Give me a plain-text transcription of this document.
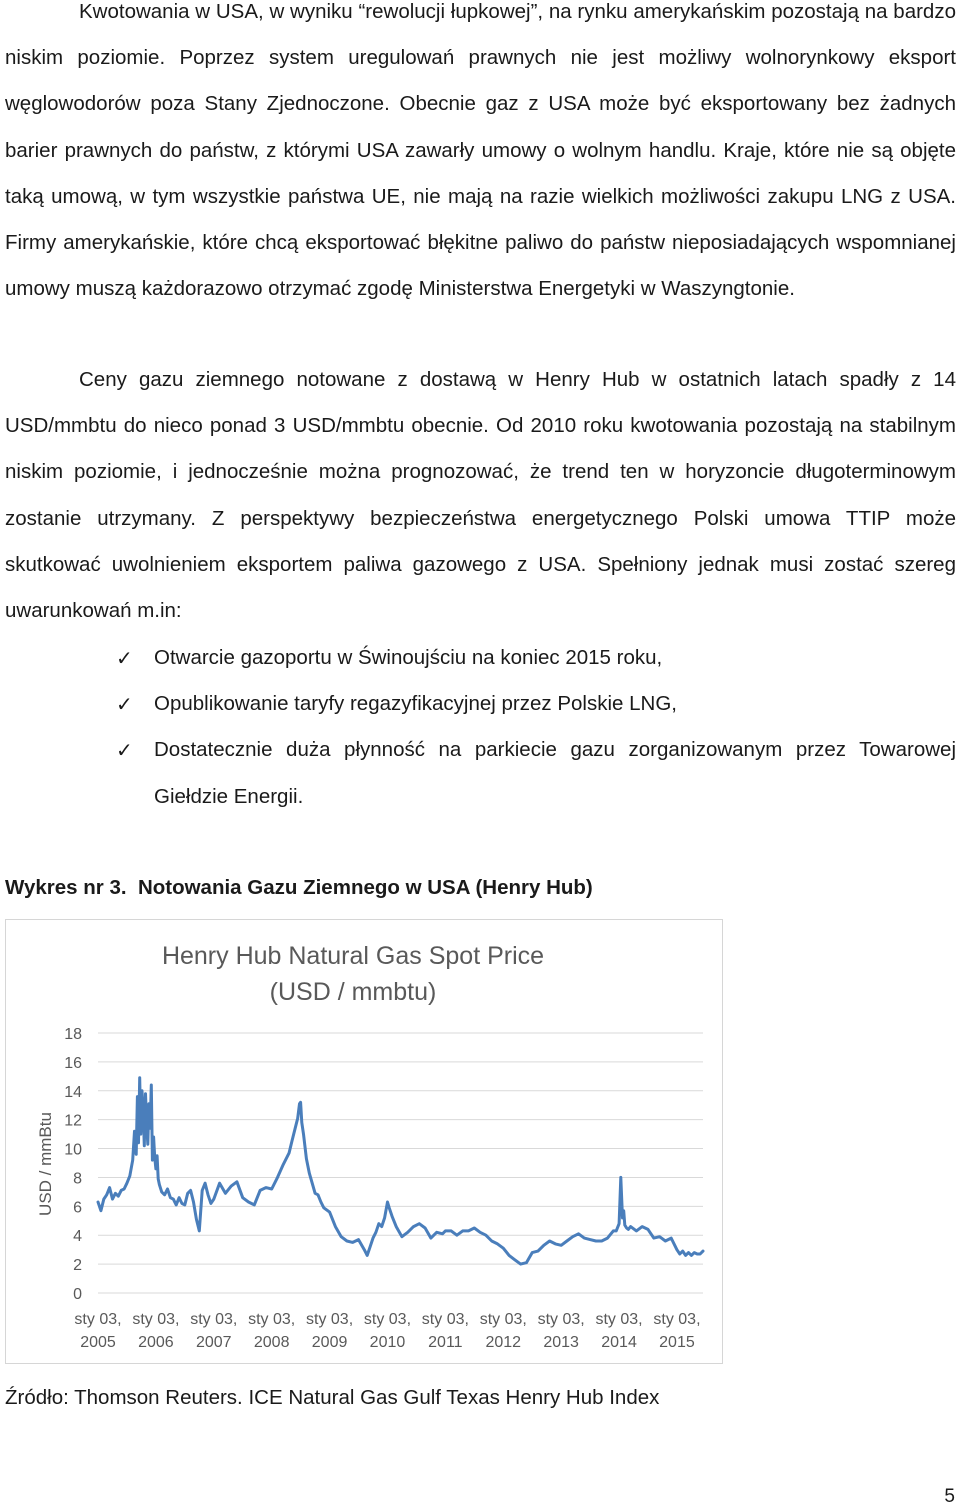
Kwotowania w USA, w wyniku “rewolucji łupkowej”, na rynku amerykańskim pozostają na bardzo niskim poziomie. Poprzez system uregulowań prawnych nie jest możliwy wolnorynkowy eksport węglowodorów poza Stany Zjednoczone. Obecnie gaz z USA może być eksportowany bez żadnych barier prawnych do państw, z którymi USA zawarły umowy o wolnym handlu. Kraje, które nie są objęte taką umową, w tym wszystkie państwa UE, nie mają na razie wielkich możliwości zakupu LNG z USA. Firmy amerykańskie, które chcą eksportować błękitne paliwo do państw nieposiadających wspomnianej umowy muszą każdorazowo otrzymać zgodę Ministerstwa Energetyki w Waszyngtonie.

Ceny gazu ziemnego notowane z dostawą w Henry Hub w ostatnich latach spadły z 14 USD/mmbtu do nieco ponad 3 USD/mmbtu obecnie. Od 2010 roku kwotowania pozostają na stabilnym niskim poziomie, i jednocześnie można prognozować, że trend ten w horyzoncie długoterminowym zostanie utrzymany. Z perspektywy bezpieczeństwa energetycznego Polski umowa TTIP może skutkować uwolnieniem eksportem paliwa gazowego z USA. Spełniony jednak musi zostać szereg uwarunkowań m.in:

✓ Otwarcie gazoportu w Świnoujściu na koniec 2015 roku,
✓ Opublikowanie taryfy regazyfikacyjnej przez Polskie LNG,
✓ Dostatecznie duża płynność na parkiecie gazu zorganizowanym przez Towarowej Giełdzie Energii.
Wykres nr 3.  Notowania Gazu Ziemnego w USA (Henry Hub)
Henry Hub Natural Gas Spot Price
(USD / mmbtu)
USD / mmBtu
0
2
4
6
8
10
12
14
16
18
sty 03,
2005
sty 03,
2006
sty 03,
2007
sty 03,
2008
sty 03,
2009
sty 03,
2010
sty 03,
2011
sty 03,
2012
sty 03,
2013
sty 03,
2014
sty 03,
2015
Źródło: Thomson Reuters. ICE Natural Gas Gulf Texas Henry Hub Index
5
